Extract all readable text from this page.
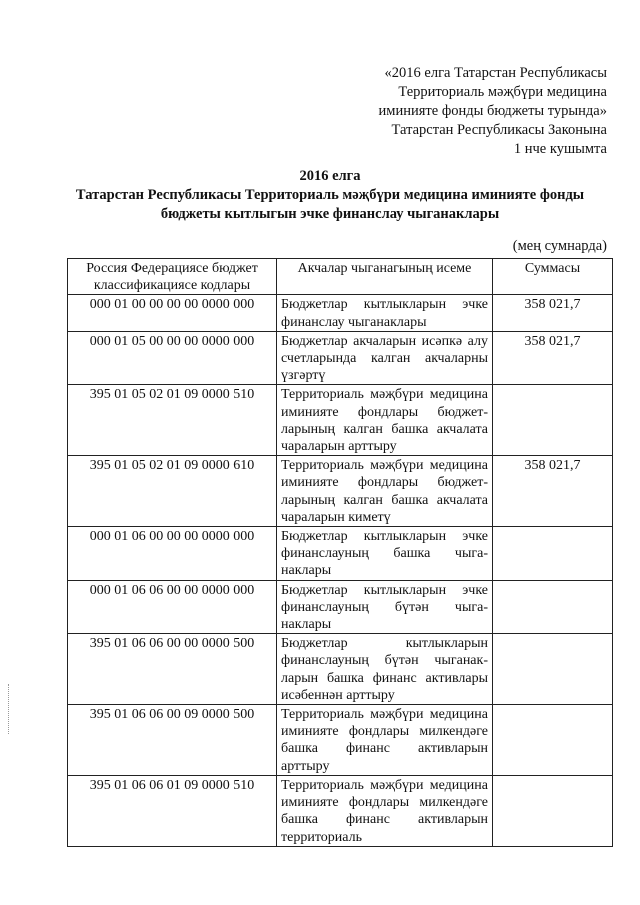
«2016 елга Татарстан Республикасы
Территориаль мәҗбүри медицина
иминияте фонды бюджеты турында»
Татарстан Республикасы Законына
1 нче кушымта
2016 елга
Татарстан Республикасы Территориаль мәҗбүри медицина иминияте фонды
бюджеты кытлыгын эчке финанслау чыганаклары
(мең сумнарда)
Россия Федерациясе бюджет классификациясе кодлары	Акчалар чыганагының исеме	Суммасы
000 01 00 00 00 00 0000 000	Бюджетлар кытлыкларын эчке финанслау чыганаклары	358 021,7
000 01 05 00 00 00 0000 000	Бюджетлар акчаларын исәпкә алу счетларында калган акчаларны үзгәртү	358 021,7
395 01 05 02 01 09 0000 510	Территориаль мәҗбүри медицина иминияте фондлары бюджет-ларының калган башка акчалата чараларын арттыру	
395 01 05 02 01 09 0000 610	Территориаль мәҗбүри медицина иминияте фондлары бюджет-ларының калган башка акчалата чараларын киметү	358 021,7
000 01 06 00 00 00 0000 000	Бюджетлар кытлыкларын эчке финанслауның башка чыга-наклары	
000 01 06 06 00 00 0000 000	Бюджетлар кытлыкларын эчке финанслауның бүтән чыга-наклары	
395 01 06 06 00 00 0000 500	Бюджетлар кытлыкларын финанслауның бүтән чыганак-ларын башка финанс активлары исәбеннән арттыру	
395 01 06 06 00 09 0000 500	Территориаль мәҗбүри медицина иминияте фондлары милкендәге башка финанс активларын арттыру	
395 01 06 06 01 09 0000 510	Территориаль мәҗбүри медицина иминияте фондлары милкендәге башка финанс активларын территориаль	
